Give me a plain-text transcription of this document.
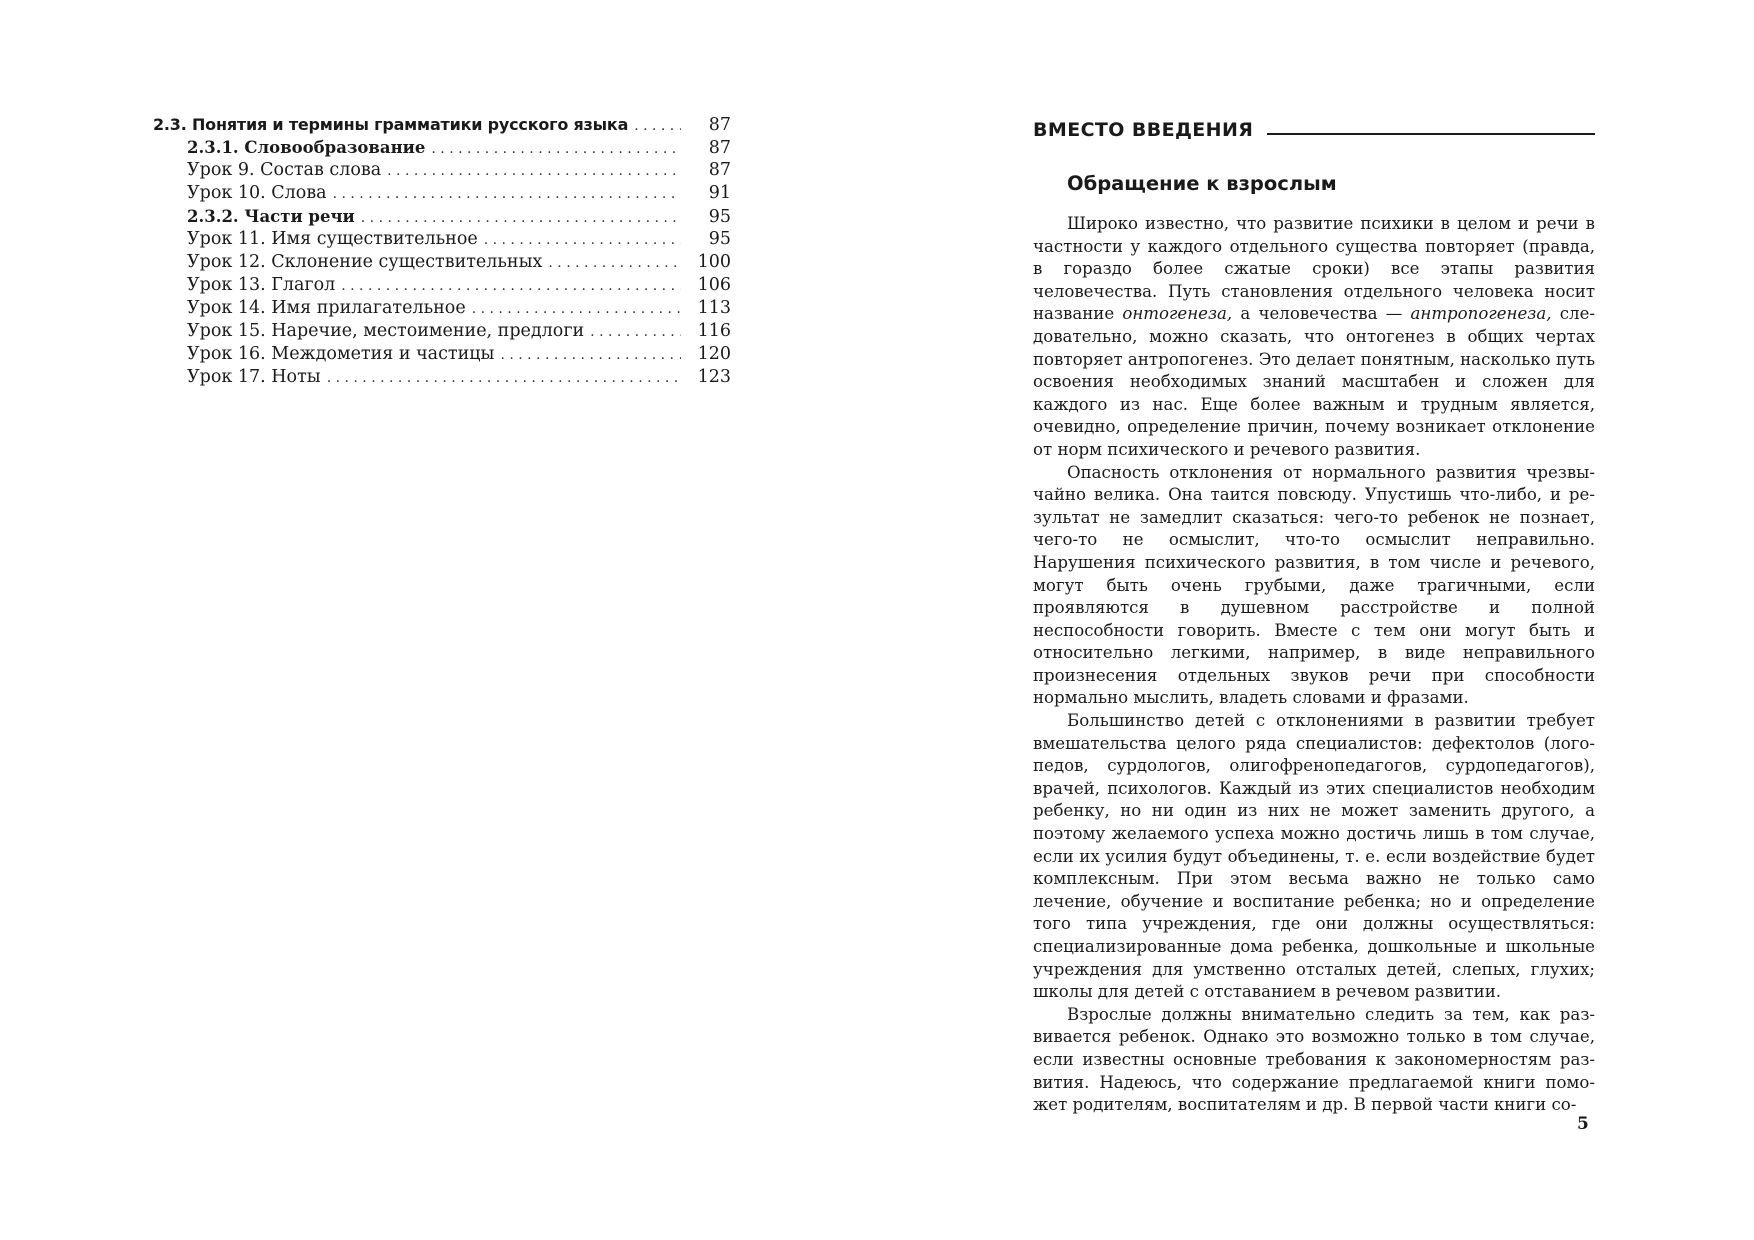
2.3. Понятия и термины грамматики русского языка . . .	87
2.3.1. Словообразование . . .	87
Урок 9. Состав слова . . .	87
Урок 10. Слова . . .	91
2.3.2. Части речи . . .	95
Урок 11. Имя существительное . . .	95
Урок 12. Склонение существительных . . .	100
Урок 13. Глагол . . .	106
Урок 14. Имя прилагательное . . .	113
Урок 15. Наречие, местоимение, предлоги . . .	116
Урок 16. Междометия и частицы . . .	120
Урок 17. Ноты . . .	123
ВМЕСТО ВВЕДЕНИЯ
Обращение к взрослым

Широко известно, что развитие психики в целом и речи в частности у каждого отдельного существа повторяет (правда, в гораздо более сжатые сроки) все этапы развития человечества. Путь становления отдельного человека носит название онтогенеза, а человечества — антропогенеза, следовательно, можно сказать, что онтогенез в общих чертах повторяет антропогенез. Это делает понятным, насколько путь освоения необходимых знаний масштабен и сложен для каждого из нас. Еще более важным и трудным является, очевидно, определение причин, почему возникает отклонение от норм психического и речевого развития.

Опасность отклонения от нормального развития чрезвычайно велика. Она таится повсюду. Упустишь что-либо, и результат не замедлит сказаться: чего-то ребенок не познает, чего-то не осмыслит, что-то осмыслит неправильно. Нарушения психического развития, в том числе и речевого, могут быть очень грубыми, даже трагичными, если проявляются в душевном расстройстве и полной неспособности говорить. Вместе с тем они могут быть и относительно легкими, например, в виде неправильного произнесения отдельных звуков речи при способности нормально мыслить, владеть словами и фразами.

Большинство детей с отклонениями в развитии требует вмешательства целого ряда специалистов: дефектолов (логопедов, сурдологов, олигофренопедагогов, сурдопедагогов), врачей, психологов. Каждый из этих специалистов необходим ребенку, но ни один из них не может заменить другого, а поэтому желаемого успеха можно достичь лишь в том случае, если их усилия будут объединены, т. е. если воздействие будет комплексным. При этом весьма важно не только само лечение, обучение и воспитание ребенка; но и определение того типа учреждения, где они должны осуществляться: специализированные дома ребенка, дошкольные и школьные учреждения для умственно отсталых детей, слепых, глухих; школы для детей с отставанием в речевом развитии.

Взрослые должны внимательно следить за тем, как развивается ребенок. Однако это возможно только в том случае, если известны основные требования к закономерностям развития. Надеюсь, что содержание предлагаемой книги поможет родителям, воспитателям и др. В первой части книги со-

5
